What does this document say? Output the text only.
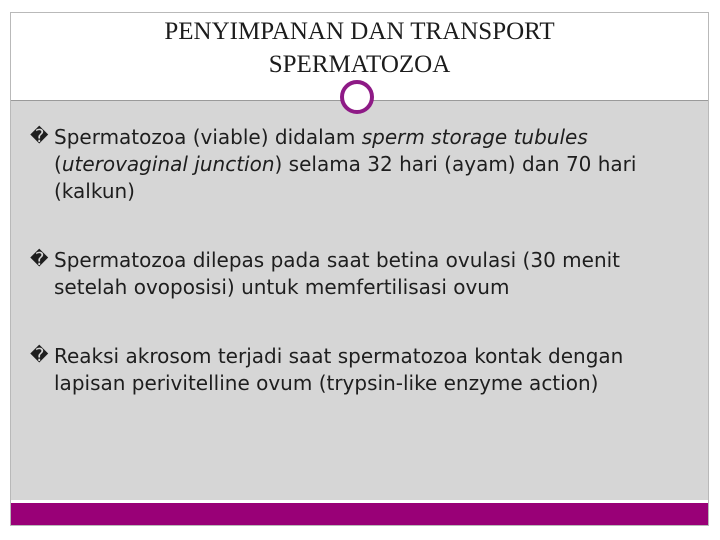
PENYIMPANAN DAN TRANSPORT
SPERMATOZOA
�
Spermatozoa (viable) didalam sperm storage tubules (uterovaginal junction) selama 32 hari (ayam) dan 70 hari (kalkun)
�
Spermatozoa dilepas pada saat betina ovulasi (30 menit setelah ovoposisi) untuk memfertilisasi ovum
�
Reaksi akrosom terjadi saat spermatozoa kontak dengan lapisan perivitelline ovum (trypsin-like enzyme action)
